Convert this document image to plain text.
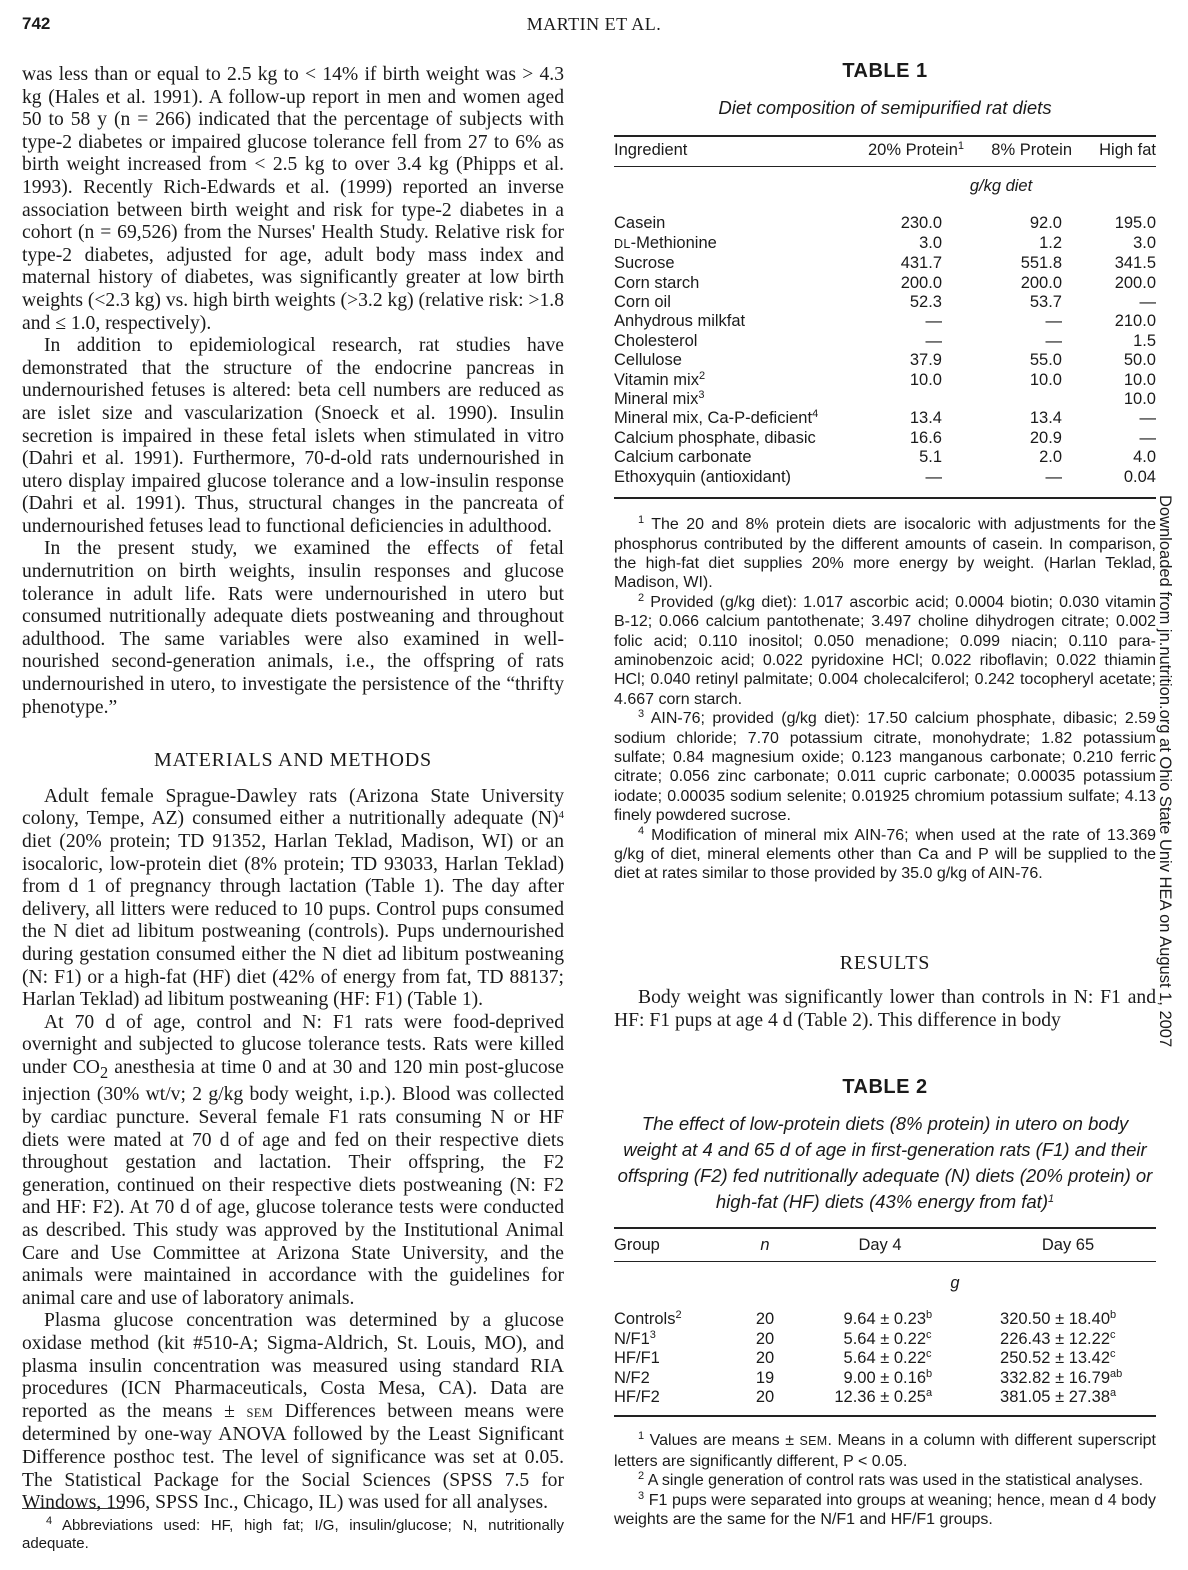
742	MARTIN ET AL.

was less than or equal to 2.5 kg to < 14% if birth weight was > 4.3 kg (Hales et al. 1991). A follow-up report in men and women aged 50 to 58 y (n = 266) indicated that the percentage of subjects with type-2 diabetes or impaired glucose tolerance fell from 27 to 6% as birth weight increased from < 2.5 kg to over 3.4 kg (Phipps et al. 1993). Recently Rich-Edwards et al. (1999) reported an inverse association between birth weight and risk for type-2 diabetes in a cohort (n = 69,526) from the Nurses' Health Study. Relative risk for type-2 diabetes, adjusted for age, adult body mass index and maternal history of diabetes, was significantly greater at low birth weights (<2.3 kg) vs. high birth weights (>3.2 kg) (relative risk: >1.8 and ≤ 1.0, respectively).

In addition to epidemiological research, rat studies have demonstrated that the structure of the endocrine pancreas in undernourished fetuses is altered: beta cell numbers are reduced as are islet size and vascularization (Snoeck et al. 1990). Insulin secretion is impaired in these fetal islets when stimulated in vitro (Dahri et al. 1991). Furthermore, 70-d-old rats undernourished in utero display impaired glucose tolerance and a low-insulin response (Dahri et al. 1991). Thus, structural changes in the pancreata of undernourished fetuses lead to functional deficiencies in adulthood.

In the present study, we examined the effects of fetal undernutrition on birth weights, insulin responses and glucose tolerance in adult life. Rats were undernourished in utero but consumed nutritionally adequate diets postweaning and throughout adulthood. The same variables were also examined in well-nourished second-generation animals, i.e., the offspring of rats undernourished in utero, to investigate the persistence of the “thrifty phenotype.”

MATERIALS AND METHODS

Adult female Sprague-Dawley rats (Arizona State University colony, Tempe, AZ) consumed either a nutritionally adequate $(N)^4$ diet (20% protein; TD 91352, Harlan Teklad, Madison, WI) or an isocaloric, low-protein diet (8% protein; TD 93033, Harlan Teklad) from d 1 of pregnancy through lactation (Table 1). The day after delivery, all litters were reduced to 10 pups. Control pups consumed the N diet ad libitum postweaning (controls). Pups undernourished during gestation consumed either the N diet ad libitum postweaning (N: F1) or a high-fat (HF) diet (42% of energy from fat, TD 88137; Harlan Teklad) ad libitum postweaning (HF: F1) (Table 1).

At 70 d of age, control and N: F1 rats were food-deprived overnight and subjected to glucose tolerance tests. Rats were killed under $CO_2$ anesthesia at time 0 and at 30 and 120 min post-glucose injection (30% wt/v; 2 g/kg body weight, i.p.). Blood was collected by cardiac puncture. Several female F1 rats consuming N or HF diets were mated at 70 d of age and fed on their respective diets throughout gestation and lactation. Their offspring, the F2 generation, continued on their respective diets postweaning (N: F2 and HF: F2). At 70 d of age, glucose tolerance tests were conducted as described. This study was approved by the Institutional Animal Care and Use Committee at Arizona State University, and the animals were maintained in accordance with the guidelines for animal care and use of laboratory animals.

Plasma glucose concentration was determined by a glucose oxidase method (kit #510-A; Sigma-Aldrich, St. Louis, MO), and plasma insulin concentration was measured using standard RIA procedures (ICN Pharmaceuticals, Costa Mesa, CA). Data are reported as the means ± SEM Differences between means were determined by one-way ANOVA followed by the Least Significant Difference posthoc test. The level of significance was set at 0.05. The Statistical Package for the Social Sciences (SPSS 7.5 for Windows, 1996, SPSS Inc., Chicago, IL) was used for all analyses.

$^4$ Abbreviations used: HF, high fat; I/G, insulin/glucose; N, nutritionally adequate.
TABLE 1
Diet composition of semipurified rat diets
Ingredient	20% Protein$^1$	8% Protein	High fat
g/kg diet
Casein	230.0	92.0	195.0
DL-Methionine	3.0	1.2	3.0
Sucrose	431.7	551.8	341.5
Corn starch	200.0	200.0	200.0
Corn oil	52.3	53.7	—
Anhydrous milkfat	—	—	210.0
Cholesterol	—	—	1.5
Cellulose	37.9	55.0	50.0
Vitamin mix$^2$	10.0	10.0	10.0
Mineral mix$^3$			10.0
Mineral mix, Ca-P-deficient$^4$	13.4	13.4	—
Calcium phosphate, dibasic	16.6	20.9	—
Calcium carbonate	5.1	2.0	4.0
Ethoxyquin (antioxidant)	—	—	0.04

$^1$ The 20 and 8% protein diets are isocaloric with adjustments for the phosphorus contributed by the different amounts of casein. In comparison, the high-fat diet supplies 20% more energy by weight. (Harlan Teklad, Madison, WI).

$^2$ Provided (g/kg diet): 1.017 ascorbic acid; 0.0004 biotin; 0.030 vitamin B-12; 0.066 calcium pantothenate; 3.497 choline dihydrogen citrate; 0.002 folic acid; 0.110 inositol; 0.050 menadione; 0.099 niacin; 0.110 para-aminobenzoic acid; 0.022 pyridoxine HCl; 0.022 riboflavin; 0.022 thiamin HCl; 0.040 retinyl palmitate; 0.004 cholecalciferol; 0.242 tocopheryl acetate; 4.667 corn starch.

$^3$ AIN-76; provided (g/kg diet): 17.50 calcium phosphate, dibasic; 2.59 sodium chloride; 7.70 potassium citrate, monohydrate; 1.82 potassium sulfate; 0.84 magnesium oxide; 0.123 manganous carbonate; 0.210 ferric citrate; 0.056 zinc carbonate; 0.011 cupric carbonate; 0.00035 potassium iodate; 0.00035 sodium selenite; 0.01925 chromium potassium sulfate; 4.13 finely powdered sucrose.

$^4$ Modification of mineral mix AIN-76; when used at the rate of 13.369 g/kg of diet, mineral elements other than Ca and P will be supplied to the diet at rates similar to those provided by 35.0 g/kg of AIN-76.

RESULTS

Body weight was significantly lower than controls in N: F1 and HF: F1 pups at age 4 d (Table 2). This difference in body

TABLE 2
The effect of low-protein diets (8% protein) in utero on body weight at 4 and 65 d of age in first-generation rats (F1) and their offspring (F2) fed nutritionally adequate (N) diets (20% protein) or high-fat (HF) diets (43% energy from fat)$^1$
Group	n	Day 4	Day 65
g
Controls$^2$	20	9.64 ± 0.23$^b$	320.50 ± 18.40$^b$
$N/F1^3$	20	5.64 ± 0.22$^c$	226.43 ± 12.22$^c$
HF/F1	20	5.64 ± 0.22$^c$	250.52 ± 13.42$^c$
N/F2	19	9.00 ± 0.16$^b$	332.82 ± 16.79$^{ab}$
HF/F2	20	12.36 ± 0.25$^a$	381.05 ± 27.38$^a$

$^1$ Values are means ± SEM. Means in a column with different superscript letters are significantly different, P < 0.05.

$^2$ A single generation of control rats was used in the statistical analyses.

$^3$ F1 pups were separated into groups at weaning; hence, mean d 4 body weights are the same for the N/F1 and HF/F1 groups.

Downloaded from jn.nutrition.org at Ohio State Univ HEA on August 1, 2007
